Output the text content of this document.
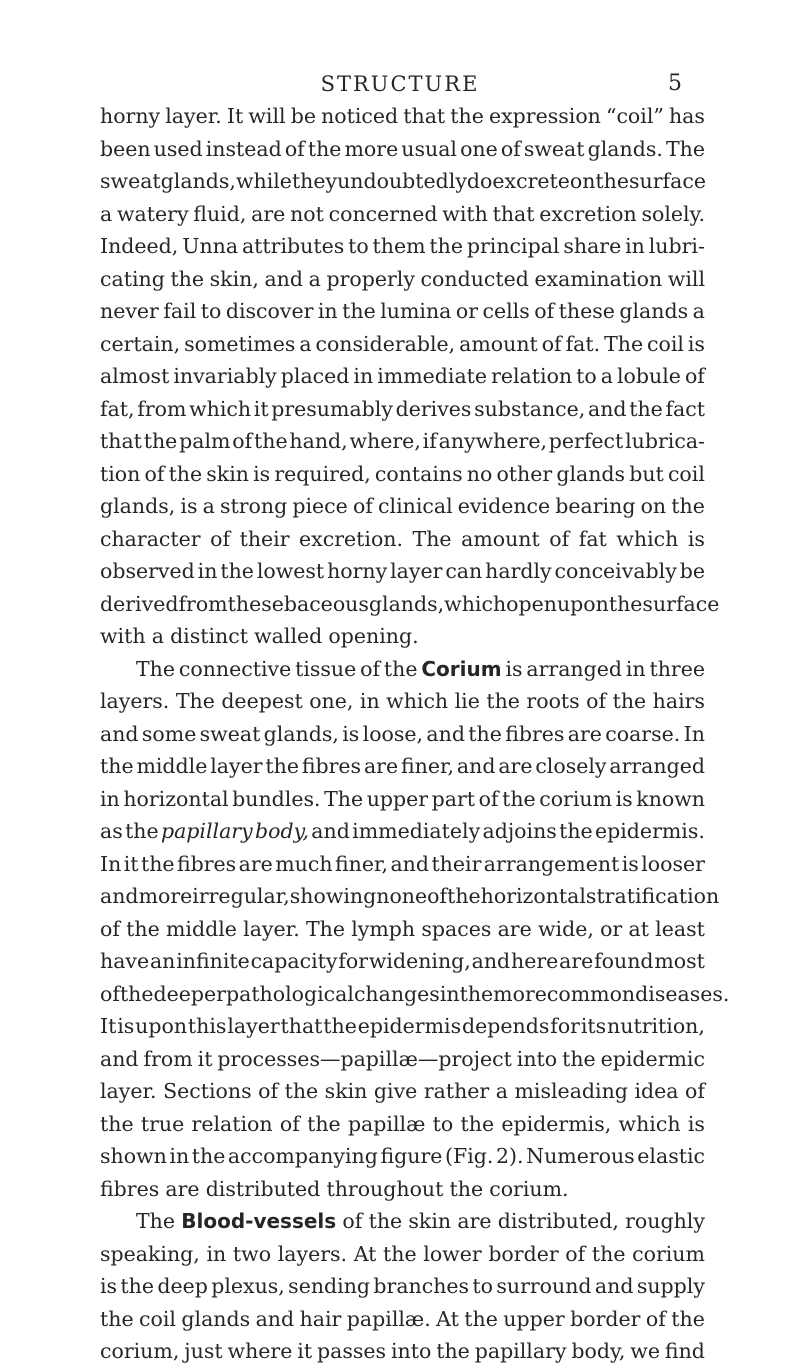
STRUCTURE	5
horny layer. It will be noticed that the expression “coil” has
been used instead of the more usual one of sweat glands. The
sweat glands, while they undoubtedly do excrete on the surface
a watery fluid, are not concerned with that excretion solely.
Indeed, Unna attributes to them the principal share in lubri-
cating the skin, and a properly conducted examination will
never fail to discover in the lumina or cells of these glands a
certain, sometimes a considerable, amount of fat. The coil is
almost invariably placed in immediate relation to a lobule of
fat, from which it presumably derives substance, and the fact
that the palm of the hand, where, if anywhere, perfect lubrica-
tion of the skin is required, contains no other glands but coil
glands, is a strong piece of clinical evidence bearing on the
character of their excretion. The amount of fat which is
observed in the lowest horny layer can hardly conceivably be
derived from the sebaceous glands, which open upon the surface
with a distinct walled opening.
The connective tissue of the Corium is arranged in three
layers. The deepest one, in which lie the roots of the hairs
and some sweat glands, is loose, and the fibres are coarse. In
the middle layer the fibres are finer, and are closely arranged
in horizontal bundles. The upper part of the corium is known
as the papillary body, and immediately adjoins the epidermis.
In it the fibres are much finer, and their arrangement is looser
and more irregular, showing none of the horizontal stratification
of the middle layer. The lymph spaces are wide, or at least
have an infinite capacity for widening, and here are found most
of the deeper pathological changes in the more common diseases.
It is upon this layer that the epidermis depends for its nutrition,
and from it processes—papillæ—project into the epidermic
layer. Sections of the skin give rather a misleading idea of
the true relation of the papillæ to the epidermis, which is
shown in the accompanying figure (Fig. 2). Numerous elastic
fibres are distributed throughout the corium.
The Blood-vessels of the skin are distributed, roughly
speaking, in two layers. At the lower border of the corium
is the deep plexus, sending branches to surround and supply
the coil glands and hair papillæ. At the upper border of the
corium, just where it passes into the papillary body, we find
